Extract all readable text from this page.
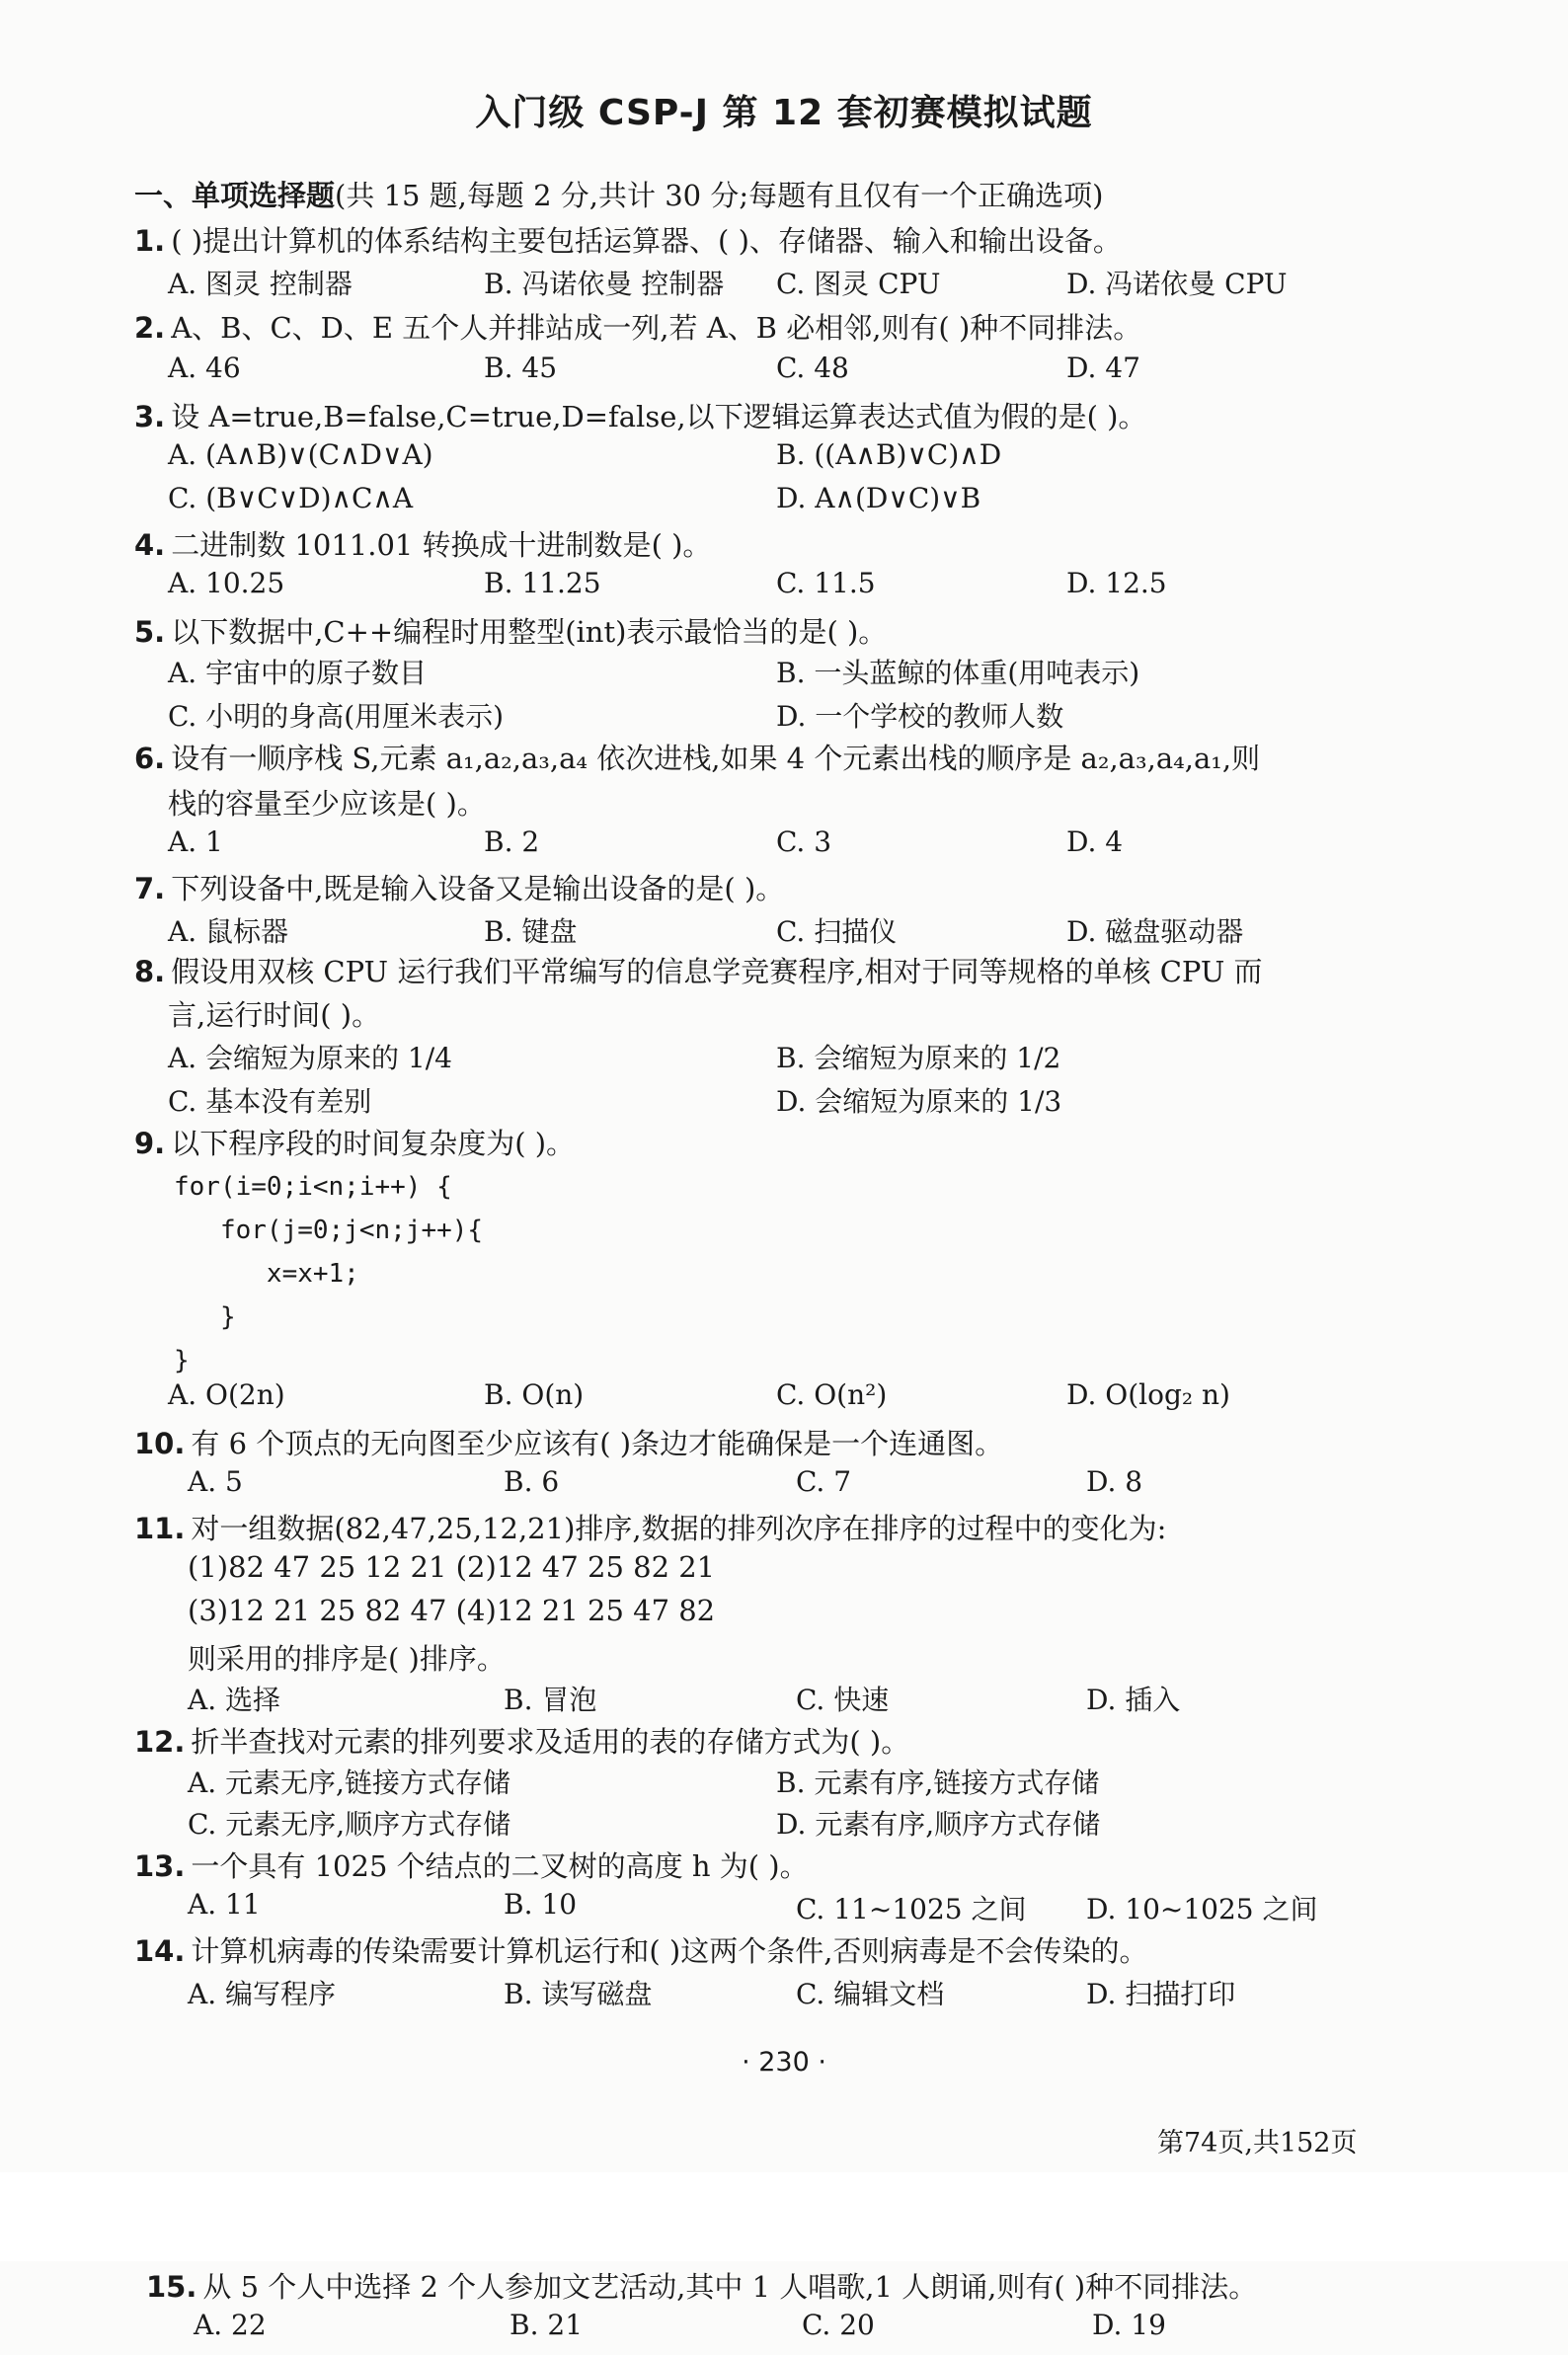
入门级 CSP-J 第 12 套初赛模拟试题
一、单项选择题(共 15 题,每题 2 分,共计 30 分;每题有且仅有一个正确选项)
1. ( )提出计算机的体系结构主要包括运算器、( )、存储器、输入和输出设备。
A. 图灵 控制器	B. 冯诺依曼 控制器 C. 图灵 CPU	D. 冯诺依曼 CPU
2. A、B、C、D、E 五个人并排站成一列,若 A、B 必相邻,则有( )种不同排法。
A. 46	B. 45	C. 48	D. 47
3. 设 A=true,B=false,C=true,D=false,以下逻辑运算表达式值为假的是( )。
A. (A∧B)∨(C∧D∨A)	B. ((A∧B)∨C)∧D
C. (B∨C∨D)∧C∧A	D. A∧(D∨C)∨B
4. 二进制数 1011.01 转换成十进制数是( )。
A. 10.25	B. 11.25	C. 11.5	D. 12.5
5. 以下数据中,C++编程时用整型(int)表示最恰当的是( )。
A. 宇宙中的原子数目	B. 一头蓝鲸的体重(用吨表示)
C. 小明的身高(用厘米表示)	D. 一个学校的教师人数
6. 设有一顺序栈 S,元素 a₁,a₂,a₃,a₄ 依次进栈,如果 4 个元素出栈的顺序是 a₂,a₃,a₄,a₁,则
栈的容量至少应该是( )。
A. 1	B. 2	C. 3	D. 4
7. 下列设备中,既是输入设备又是输出设备的是( )。
A. 鼠标器	B. 键盘	C. 扫描仪	D. 磁盘驱动器
8. 假设用双核 CPU 运行我们平常编写的信息学竞赛程序,相对于同等规格的单核 CPU 而
言,运行时间( )。
A. 会缩短为原来的 1/4	B. 会缩短为原来的 1/2
C. 基本没有差别	D. 会缩短为原来的 1/3
9. 以下程序段的时间复杂度为( )。
for(i=0;i<n;i++) {
for(j=0;j<n;j++){
x=x+1;
}
}
A. O(2n)	B. O(n)	C. O(n²)	D. O(log₂ n)
10. 有 6 个顶点的无向图至少应该有( )条边才能确保是一个连通图。
A. 5	B. 6	C. 7	D. 8
11. 对一组数据(82,47,25,12,21)排序,数据的排列次序在排序的过程中的变化为:
(1)82 47 25 12 21 (2)12 47 25 82 21
(3)12 21 25 82 47 (4)12 21 25 47 82
则采用的排序是( )排序。
A. 选择	B. 冒泡	C. 快速	D. 插入
12. 折半查找对元素的排列要求及适用的表的存储方式为( )。
A. 元素无序,链接方式存储	B. 元素有序,链接方式存储
C. 元素无序,顺序方式存储	D. 元素有序,顺序方式存储
13. 一个具有 1025 个结点的二叉树的高度 h 为( )。
A. 11	B. 10	C. 11~1025 之间 D. 10~1025 之间
14. 计算机病毒的传染需要计算机运行和( )这两个条件,否则病毒是不会传染的。
A. 编写程序	B. 读写磁盘	C. 编辑文档	D. 扫描打印
· 230 ·
第74页,共152页
15. 从 5 个人中选择 2 个人参加文艺活动,其中 1 人唱歌,1 人朗诵,则有( )种不同排法。
A. 22	B. 21	C. 20	D. 19
